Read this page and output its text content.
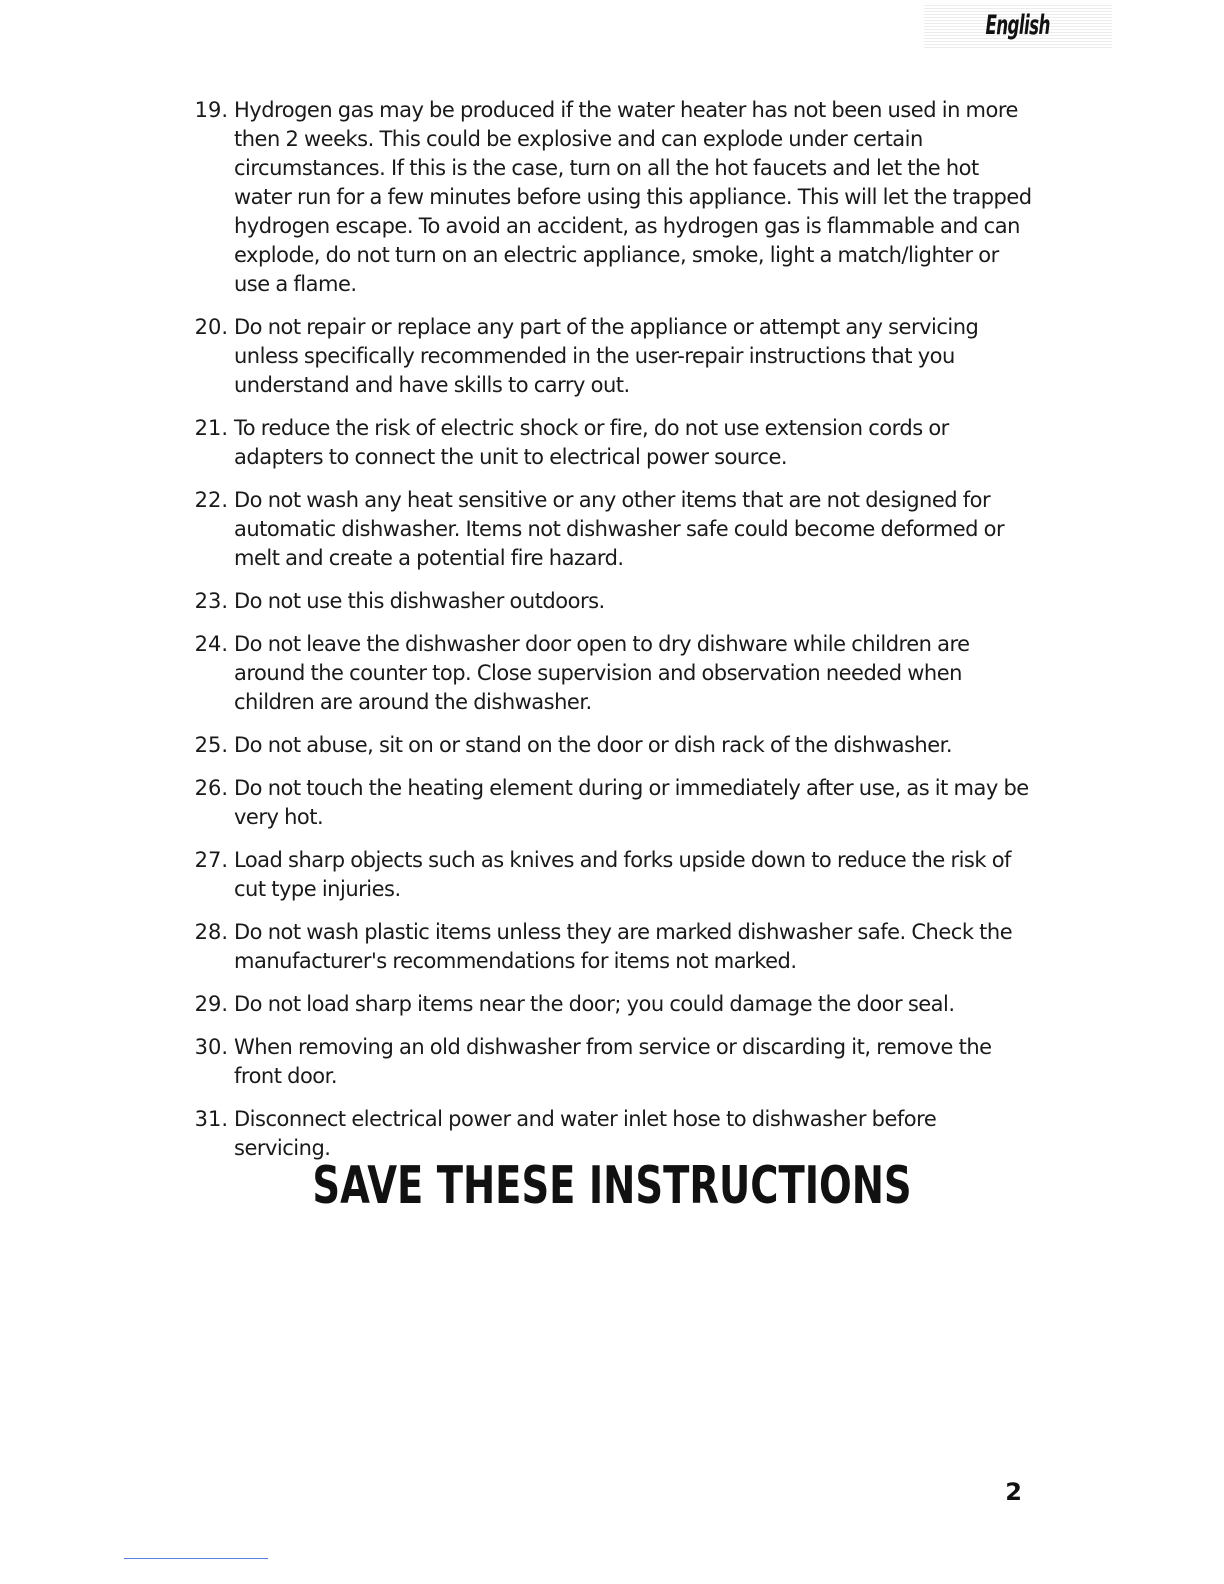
English
19. Hydrogen gas may be produced if the water heater has not been used in more then 2 weeks. This could be explosive and can explode under certain circumstances. If this is the case, turn on all the hot faucets and let the hot water run for a few minutes before using this appliance. This will let the trapped hydrogen escape. To avoid an accident, as hydrogen gas is flammable and can explode, do not turn on an electric appliance, smoke, light a match/lighter or use a flame.
20. Do not repair or replace any part of the appliance or attempt any servicing unless specifically recommended in the user-repair instructions that you understand and have skills to carry out.
21. To reduce the risk of electric shock or fire, do not use extension cords or adapters to connect the unit to electrical power source.
22. Do not wash any heat sensitive or any other items that are not designed for automatic dishwasher. Items not dishwasher safe could become deformed or melt and create a potential fire hazard.
23. Do not use this dishwasher outdoors.
24. Do not leave the dishwasher door open to dry dishware while children are around the counter top. Close supervision and observation needed when children are around the dishwasher.
25. Do not abuse, sit on or stand on the door or dish rack of the dishwasher.
26. Do not touch the heating element during or immediately after use, as it may be very hot.
27. Load sharp objects such as knives and forks upside down to reduce the risk of cut type injuries.
28. Do not wash plastic items unless they are marked dishwasher safe. Check the manufacturer's recommendations for items not marked.
29. Do not load sharp items near the door; you could damage the door seal.
30. When removing an old dishwasher from service or discarding it, remove the front door.
31. Disconnect electrical power and water inlet hose to dishwasher before servicing.
SAVE THESE INSTRUCTIONS
2
